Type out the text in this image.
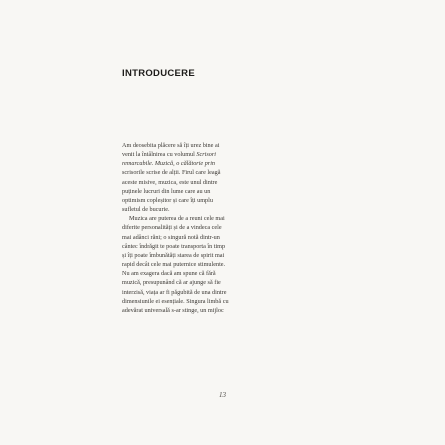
INTRODUCERE
Am deosebita plăcere să îți urez bine ai
venit la întâlnirea cu volumul Scrisori
remarcabile. Muzică, o călătorie prin
scrisorile scrise de alții. Firul care leagă
aceste misive, muzica, este unul dintre
puținele lucruri din lume care au un
optimism copleșitor și care îți umplu
sufletul de bucurie.
Muzica are puterea de a reuni cele mai
diferite personalități și de a vindeca cele
mai adânci răni; o singură notă dintr-un
cântec îndrăgit te poate transporta în timp
și îți poate îmbunătăți starea de spirit mai
rapid decât cele mai puternice stimulente.
Nu am exagera dacă am spune că fără
muzică, presupunând că ar ajunge să fie
interzisă, viața ar fi păgubită de una dintre
dimensiunile ei esențiale. Singura limbă cu
adevărat universală s-ar stinge, un mijloc
13
